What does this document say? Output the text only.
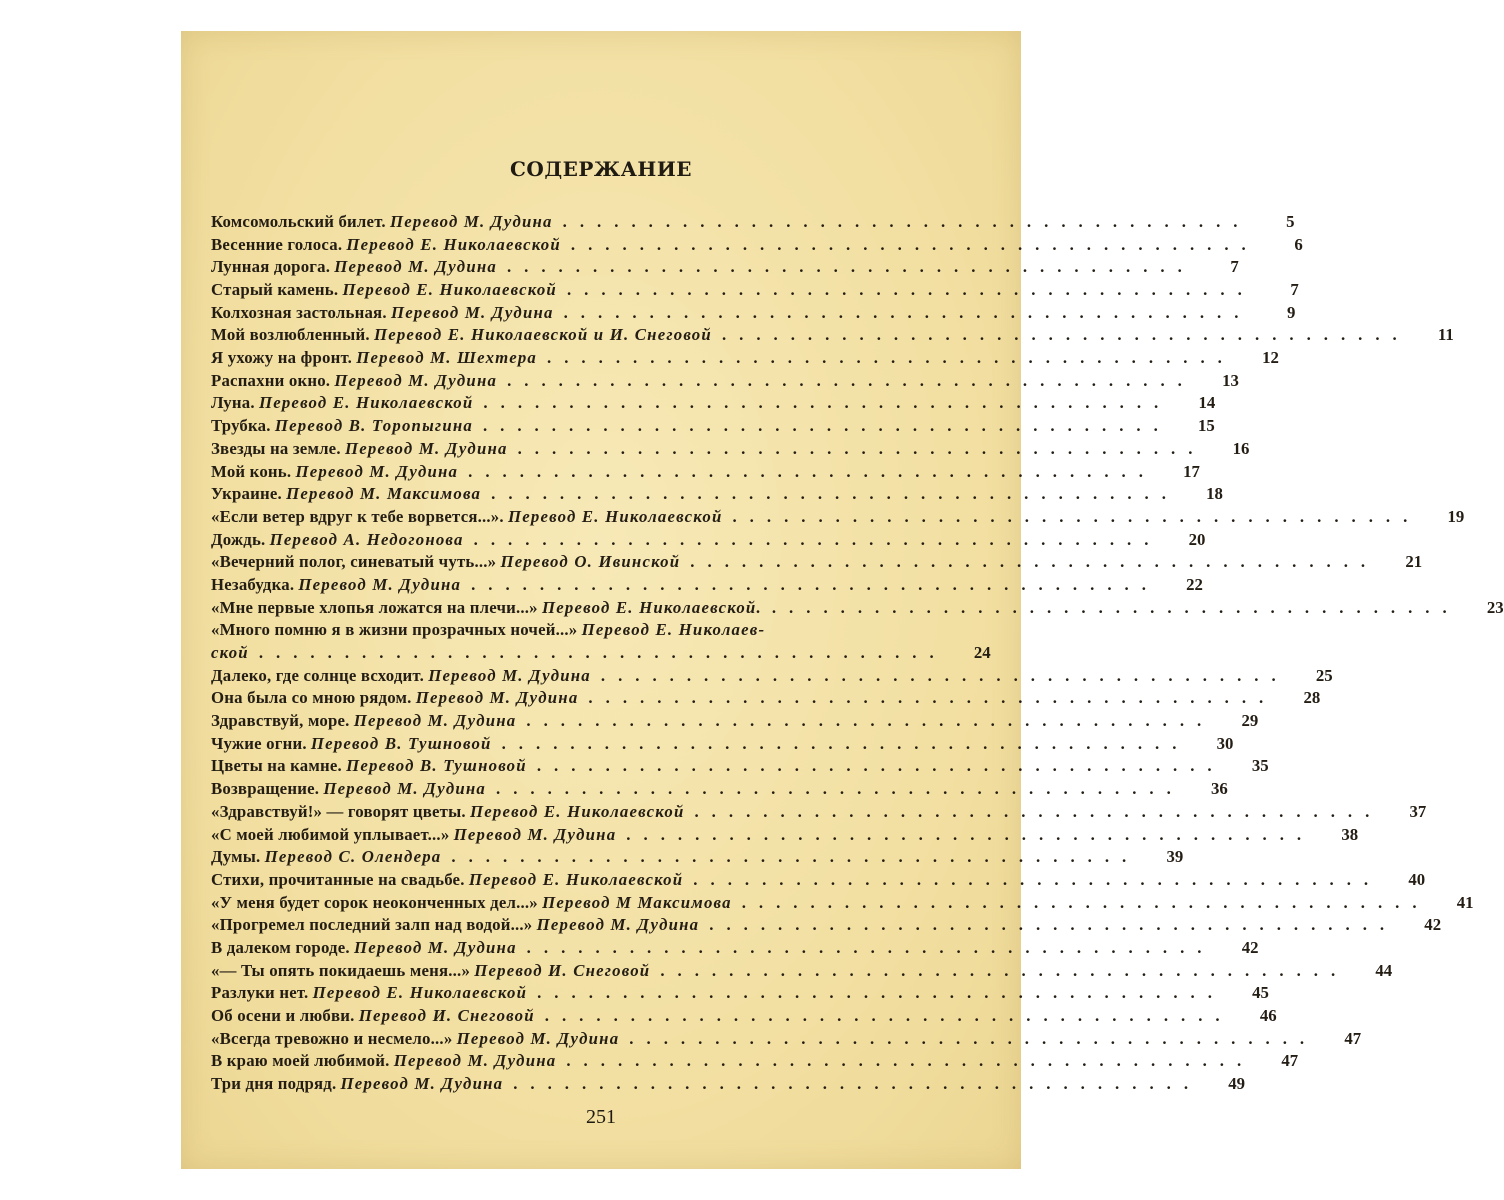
СОДЕРЖАНИЕ
Комсомольский билет. Перевод М. Дудина ........................................	5
Весенние голоса. Перевод Е. Николаевской ........................................	6
Лунная дорога. Перевод М. Дудина ........................................	7
Старый камень. Перевод Е. Николаевской ........................................	7
Колхозная застольная. Перевод М. Дудина ........................................	9
Мой возлюбленный. Перевод Е. Николаевской и И. Снеговой ........................................	11
Я ухожу на фронт. Перевод М. Шехтера ........................................	12
Распахни окно. Перевод М. Дудина ........................................	13
Луна. Перевод Е. Николаевской ........................................	14
Трубка. Перевод В. Торопыгина ........................................	15
Звезды на земле. Перевод М. Дудина ........................................	16
Мой конь. Перевод М. Дудина ........................................	17
Украине. Перевод М. Максимова ........................................	18
«Если ветер вдруг к тебе ворвется...». Перевод Е. Николаевской ........................................	19
Дождь. Перевод А. Недогонова ........................................	20
«Вечерний полог, синеватый чуть...» Перевод О. Ивинской ........................................	21
Незабудка. Перевод М. Дудина ........................................	22
«Мне первые хлопья ложатся на плечи...» Перевод Е. Николаевской. ........................................	23
«Много помню я в жизни прозрачных ночей...» Перевод Е. Николаев-
ской ........................................	24
Далеко, где солнце всходит. Перевод М. Дудина ........................................	25
Она была со мною рядом. Перевод М. Дудина ........................................	28
Здравствуй, море. Перевод М. Дудина ........................................	29
Чужие огни. Перевод В. Тушновой ........................................	30
Цветы на камне. Перевод В. Тушновой ........................................	35
Возвращение. Перевод М. Дудина ........................................	36
«Здравствуй!» — говорят цветы. Перевод Е. Николаевской ........................................	37
«С моей любимой уплывает...» Перевод М. Дудина ........................................	38
Думы. Перевод С. Олендера ........................................	39
Стихи, прочитанные на свадьбе. Перевод Е. Николаевской ........................................	40
«У меня будет сорок неоконченных дел...» Перевод М Максимова ........................................	41
«Прогремел последний залп над водой...» Перевод М. Дудина ........................................	42
В далеком городе. Перевод М. Дудина ........................................	42
«— Ты опять покидаешь меня...» Перевод И. Снеговой ........................................	44
Разлуки нет. Перевод Е. Николаевской ........................................	45
Об осени и любви. Перевод И. Снеговой ........................................	46
«Всегда тревожно и несмело...» Перевод М. Дудина ........................................	47
В краю моей любимой. Перевод М. Дудина ........................................	47
Три дня подряд. Перевод М. Дудина ........................................	49
251
